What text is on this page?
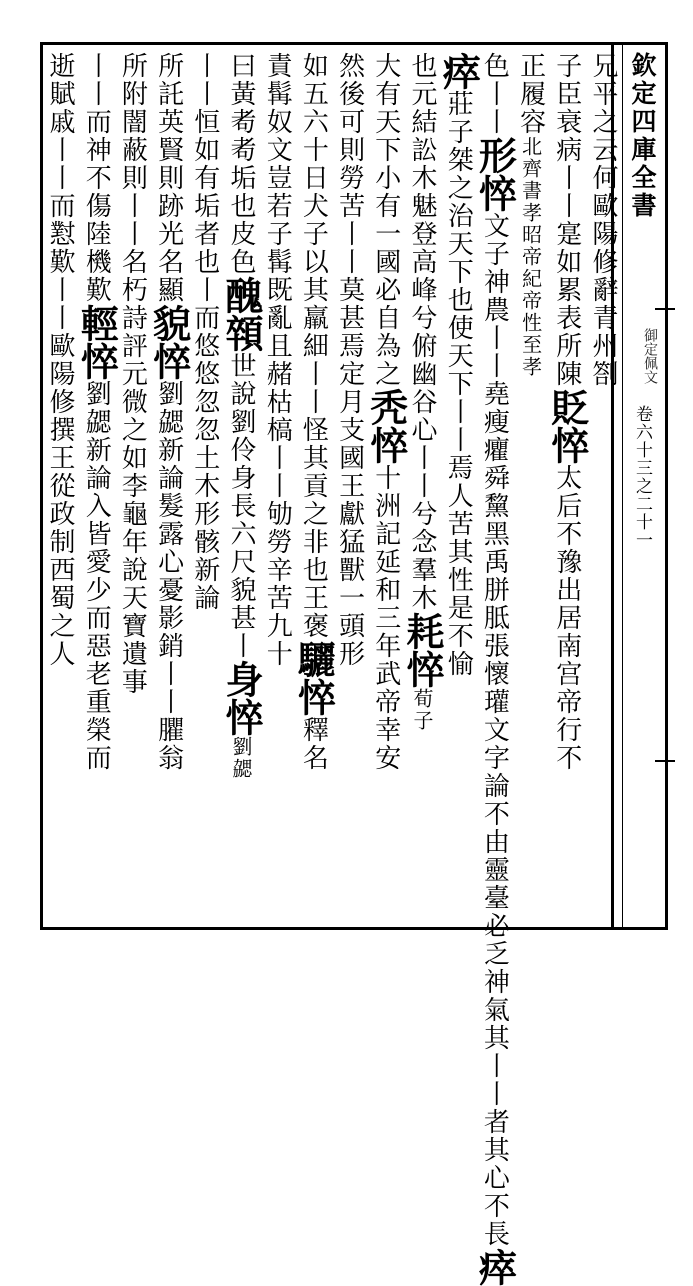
欽定四庫全書
御定佩文
卷六十三之二十一
兄平之云何歐陽修辭青州劄
子臣衰病丨丨寔如累表所陳貶悴太后不豫出居南宫帝行不
正履容北齊書孝昭帝紀帝性至孝
色丨丨形悴文子神農丨丨堯瘦癯舜黧黑禹胼胝張懷瓘文字論不由靈臺必乏神氣其丨丨者其心不長瘁
瘁莊子桀之治天下也使天下丨丨焉人苦其性是不愉
也元結訟木魅登高峰兮俯幽谷心丨丨兮念羣木耗悴荀子
大有天下小有一國必自為之秃悴十洲記延和三年武帝幸安
然後可則勞苦丨丨莫甚焉定月支國王獻猛獸一頭形
如五六十日犬子以其羸細丨丨怪其貢之非也王褒驪悴釋名
責髯奴文豈若子髯既亂且赭枯槁丨丨劬勞辛苦九十
曰黃耇耇垢也皮色醜顇世說劉伶身長六尺貌甚丨身悴劉勰
丨丨恒如有垢者也丨而悠悠忽忽土木形骸新論
所託英賢則跡光名顯貌悴劉勰新論髮露心憂影銷丨丨臞翁
所附闇蔽則丨丨名朽詩評元微之如李龜年說天寶遺事
丨丨而神不傷陸機歎輕悴劉勰新論入皆愛少而惡老重榮而
逝賦戚丨丨而懟歎丨丨歐陽修撰王從政制西蜀之人
